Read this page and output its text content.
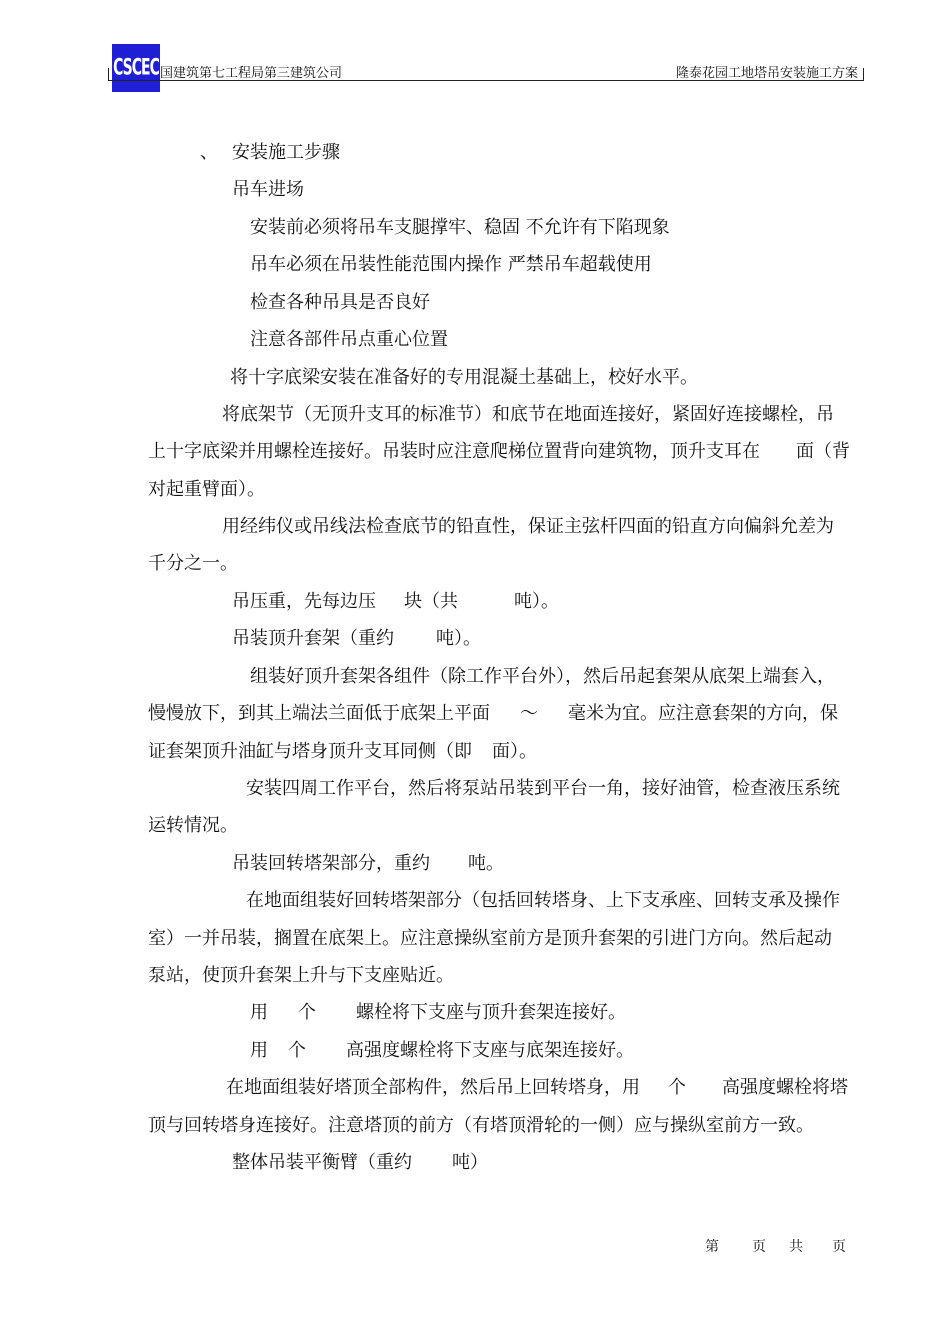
CSCEC 国建筑第七工程局第三建筑公司	隆泰花园工地塔吊安装施工方案
、 安装施工步骤
吊车进场
安装前必须将吊车支腿撑牢、稳固 不允许有下陷现象
吊车必须在吊装性能范围内操作 严禁吊车超载使用
检查各种吊具是否良好
注意各部件吊点重心位置
将十字底梁安装在准备好的专用混凝土基础上，校好水平。
将底架节（无顶升支耳的标准节）和底节在地面连接好，紧固好连接螺栓，吊
上十字底梁并用螺栓连接好。吊装时应注意爬梯位置背向建筑物，顶升支耳在 面（背
对起重臂面）。
用经纬仪或吊线法检查底节的铅直性，保证主弦杆四面的铅直方向偏斜允差为
千分之一。
吊压重，先每边压 块（共	吨）。
吊装顶升套架（重约 吨）。
组装好顶升套架各组件（除工作平台外），然后吊起套架从底架上端套入，
慢慢放下，到其上端法兰面低于底架上平面 ～ 毫米为宜。应注意套架的方向，保
证套架顶升油缸与塔身顶升支耳同侧（即 面）。
安装四周工作平台，然后将泵站吊装到平台一角，接好油管，检查液压系统
运转情况。
吊装回转塔架部分，重约 吨。
在地面组装好回转塔架部分（包括回转塔身、上下支承座、回转支承及操作
室）一并吊装，搁置在底架上。应注意操纵室前方是顶升套架的引进门方向。然后起动
泵站，使顶升套架上升与下支座贴近。
用 个 螺栓将下支座与顶升套架连接好。
用 个 高强度螺栓将下支座与底架连接好。
在地面组装好塔顶全部构件，然后吊上回转塔身，用 个 高强度螺栓将塔
顶与回转塔身连接好。注意塔顶的前方（有塔顶滑轮的一侧）应与操纵室前方一致。
整体吊装平衡臂（重约 吨）
第 页 共 页
